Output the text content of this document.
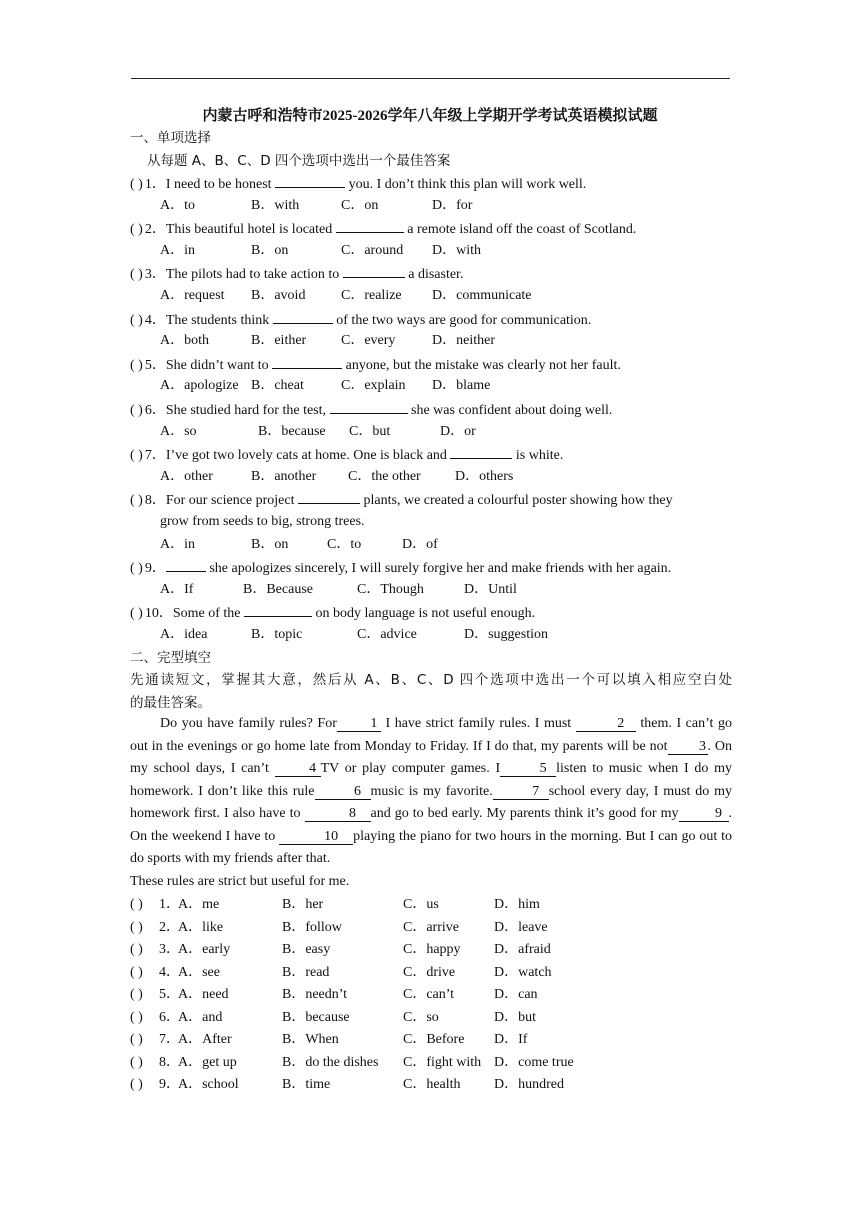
内蒙古呼和浩特市2025-2026学年八年级上学期开学考试英语模拟试题
一、单项选择
从每题 A、B、C、D 四个选项中选出一个最佳答案
( ) 1．I need to be honest	you. I don’t think this plan will work well.
A．to	B．with	C．on	D．for
( ) 2．This beautiful hotel is located	a remote island off the coast of Scotland.
A．in	B．on	C．around D．with
( ) 3．The pilots had to take action to	a disaster.
A．request B．avoid	C．realize D．communicate
( ) 4．The students think	of the two ways are good for communication.
A．both	B．either C．every	D．neither
( ) 5．She didn’t want to	anyone, but the mistake was clearly not her fault.
A．apologize B．cheat	C．explain D．blame
( ) 6．She studied hard for the test,	she was confident about doing well.
A．so	B．because C．but	D．or
( ) 7．I’ve got two lovely cats at home. One is black and	is white.
A．other	B．another C．the other D．others
( ) 8．For our science project	plants, we created a colourful poster showing how they
grow from seeds to big, strong trees.
A．in	B．on	C．to	D．of
( ) 9．	she apologizes sincerely, I will surely forgive her and make friends with her again.
A．If	B．Because	C．Though	D．Until
( ) 10．Some of the	on body language is not useful enough.
A．idea	B．topic	C．advice	D．suggestion
二、完型填空
先通读短文，掌握其大意，然后从 A、B、C、D 四个选项中选出一个可以填入相应空白处
的最佳答案。
Do you have family rules? For 1 I have strict family rules. I must	2 them. I can’t go out in the evenings or go home late from Monday to Friday. If I do that, my parents will be not 3 . On my school days, I can’t 4 TV or play computer games. I	5 listen to music when I do my homework. I don’t like this rule	6 music is my favorite.	7 school every day, I must do my homework first. I also have to	8 and go to bed early. My parents think it’s good for my	9 . On the weekend I have to	10 playing the piano for two hours in the morning. But I can go out to do sports with my friends after that.
These rules are strict but useful for me.
( ) 1．
A．me	B．her	C．us	D．him
( ) 2．
A．like	B．follow	C．arrive	D．leave
( ) 3．
A．early	B．easy	C．happy D．afraid
( ) 4．
A．see	B．read	C．drive	D．watch
( ) 5．
A．need	B．needn’t	C．can’t	D．can
( ) 6．
A．and	B．because	C．so	D．but
( ) 7．
A．After	B．When	C．Before D．If
( ) 8．
A．get up	B．do the dishes C．fight with D．come true
( ) 9．
A．school	B．time	C．health D．hundred
